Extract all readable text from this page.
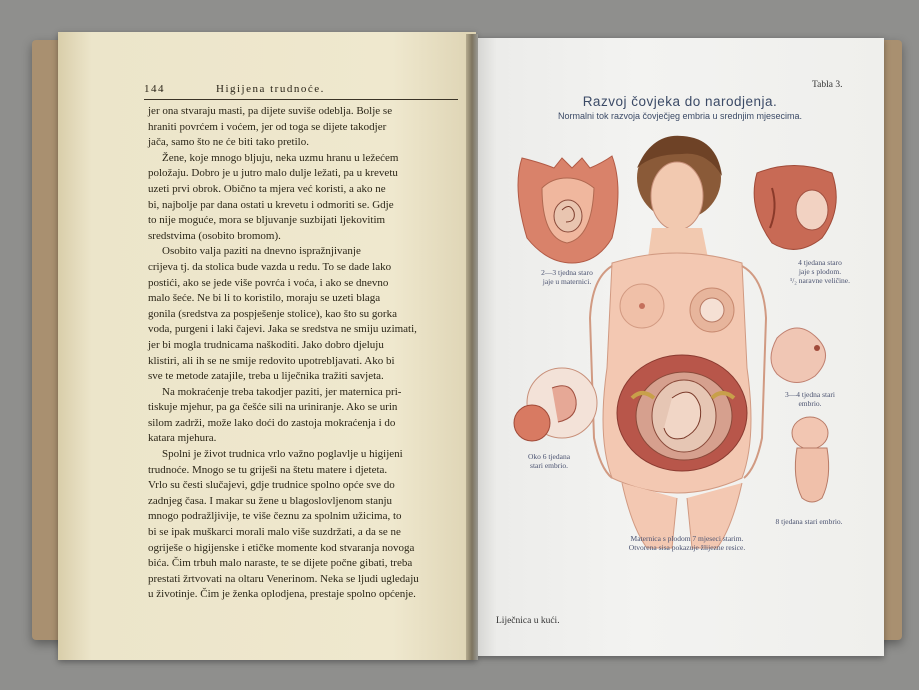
144	Higijena trudnoće.

jer ona stvaraju masti, pa dijete suviše odeblja. Bolje se

hraniti povrćem i voćem, jer od toga se dijete takodjer

jača, samo što ne će biti tako pretilo.

Žene, koje mnogo bljuju, neka uzmu hranu u ležećem

položaju. Dobro je u jutro malo dulje ležati, pa u krevetu

uzeti prvi obrok. Obično ta mjera već koristi, a ako ne

bi, najbolje par dana ostati u krevetu i odmoriti se. Gdje

to nije moguće, mora se bljuvanje suzbijati ljekovitim

sredstvima (osobito bromom).

Osobito valja paziti na dnevno ispražnjivanje

crijeva tj. da stolica bude vazda u redu. To se dade lako

postići, ako se jede više povrća i voća, i ako se dnevno

malo šeće. Ne bi li to koristilo, moraju se uzeti blaga

gonila (sredstva za pospješenje stolice), kao što su gorka

voda, purgeni i laki čajevi. Jaka se sredstva ne smiju uzimati,

jer bi mogla trudnicama naškoditi. Jako dobro djeluju

klistiri, ali ih se ne smije redovito upotrebljavati. Ako bi

sve te metode zatajile, treba u liječnika tražiti savjeta.

Na mokraćenje treba takodjer paziti, jer maternica pri-

tiskuje mjehur, pa ga češće sili na uriniranje. Ako se urin

silom zadrži, može lako doći do zastoja mokraćenja i do

katara mjehura.

Spolni je život trudnica vrlo važno poglavlje u higijeni

trudnoće. Mnogo se tu griješi na štetu matere i djeteta.

Vrlo su česti slučajevi, gdje trudnice spolno opće sve do

zadnjeg časa. I makar su žene u blagoslovljenom stanju

mnogo podražljivije, te više čeznu za spolnim užicima, to

bi se ipak muškarci morali malo više suzdržati, a da se ne

ogriješe o higijenske i etičke momente kod stvaranja novoga

bića. Čim trbuh malo naraste, te se dijete počne gibati, treba

prestati žrtvovati na oltaru Venerinom. Neka se ljudi ugledaju

u životinje. Čim je ženka oplodjena, prestaje spolno općenje.

Tabla 3.
Razvoj čovjeka do narodjenja.
Normalni tok razvoja čovječjeg embria u srednjim mjesecima.
2—3 tjedna staro
jaje u maternici.
4 tjedana staro
jaje s plodom.
¹/₂ naravne veličine.
3—4 tjedna stari
embrio.
Oko 6 tjedana
stari embrio.
Maternica s plodom 7 mjeseci starim.
Otvorena sisa pokazuje žlijezne resice.
8 tjedana stari embrio.
Liječnica u kući.
